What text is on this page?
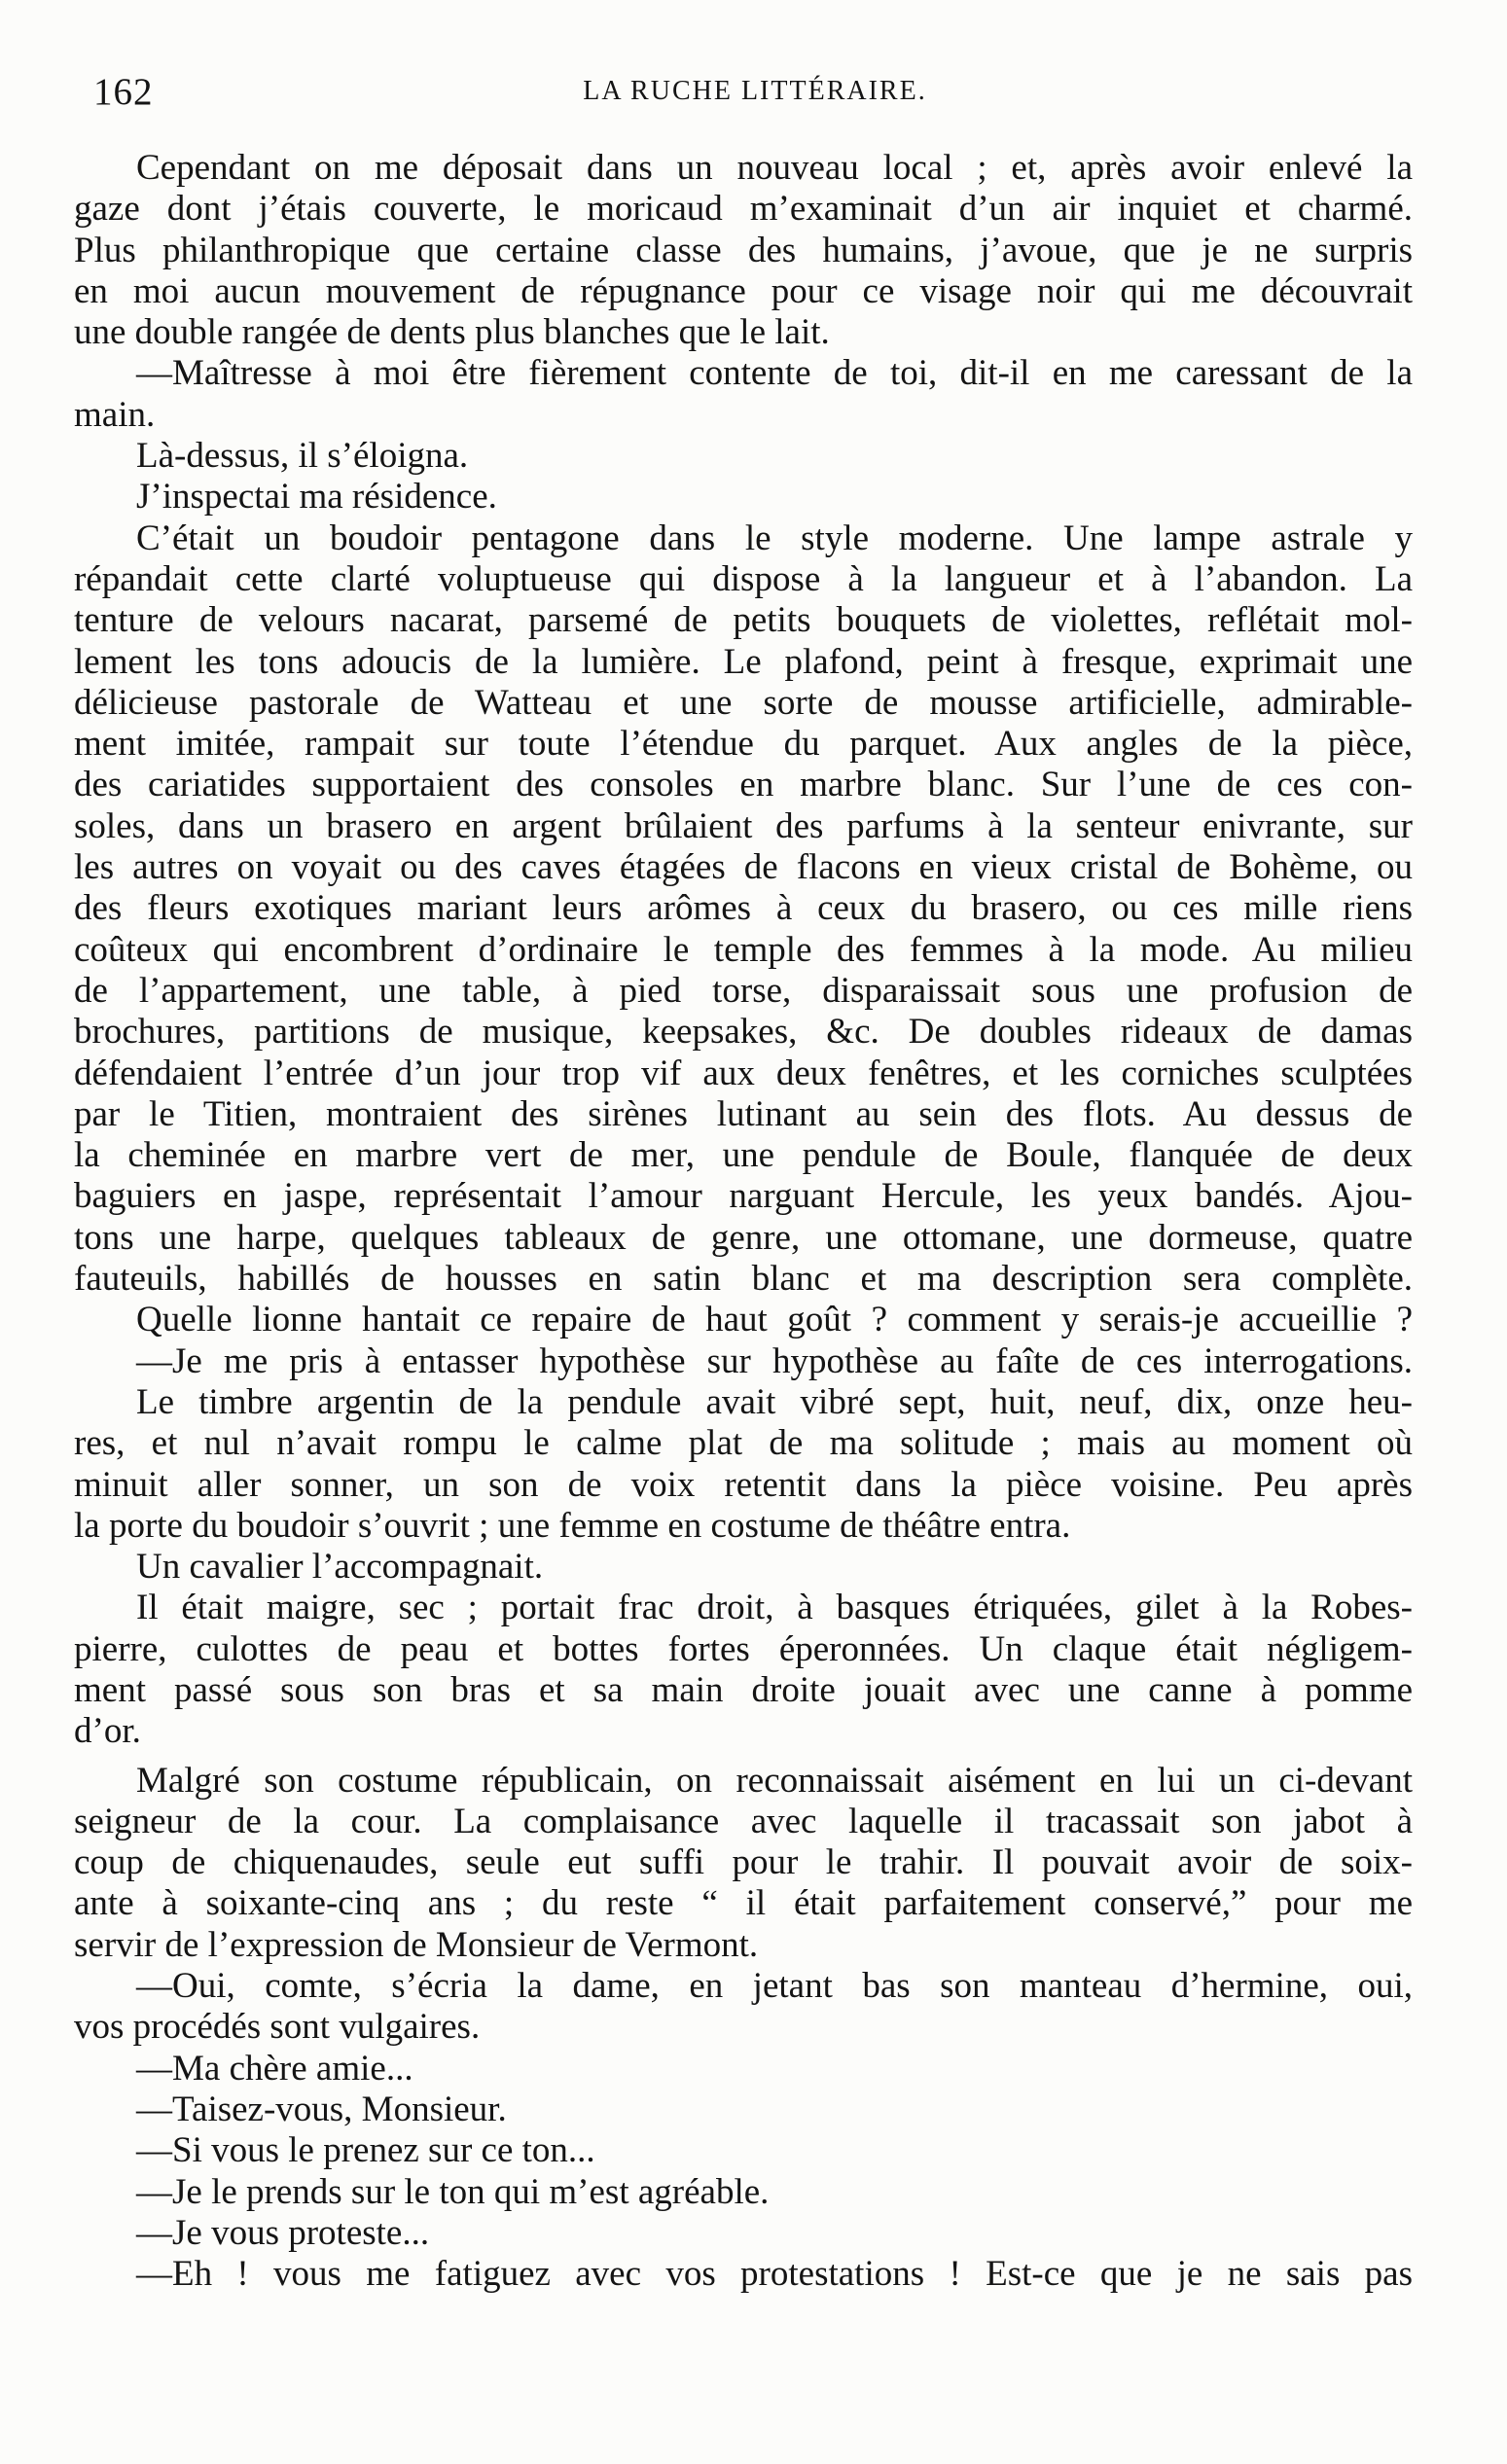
162	LA RUCHE LITTÉRAIRE.
Cependant on me déposait dans un nouveau local ; et, après avoir enlevé la
gaze dont j’étais couverte, le moricaud m’examinait d’un air inquiet et charmé.
Plus philanthropique que certaine classe des humains, j’avoue, que je ne surpris
en moi aucun mouvement de répugnance pour ce visage noir qui me découvrait
une double rangée de dents plus blanches que le lait.
—Maîtresse à moi être fièrement contente de toi, dit-il en me caressant de la
main.
Là-dessus, il s’éloigna.
J’inspectai ma résidence.
C’était un boudoir pentagone dans le style moderne. Une lampe astrale y
répandait cette clarté voluptueuse qui dispose à la langueur et à l’abandon. La
tenture de velours nacarat, parsemé de petits bouquets de violettes, reflétait mol-
lement les tons adoucis de la lumière. Le plafond, peint à fresque, exprimait une
délicieuse pastorale de Watteau et une sorte de mousse artificielle, admirable-
ment imitée, rampait sur toute l’étendue du parquet. Aux angles de la pièce,
des cariatides supportaient des consoles en marbre blanc. Sur l’une de ces con-
soles, dans un brasero en argent brûlaient des parfums à la senteur enivrante, sur
les autres on voyait ou des caves étagées de flacons en vieux cristal de Bohème, ou
des fleurs exotiques mariant leurs arômes à ceux du brasero, ou ces mille riens
coûteux qui encombrent d’ordinaire le temple des femmes à la mode. Au milieu
de l’appartement, une table, à pied torse, disparaissait sous une profusion de
brochures, partitions de musique, keepsakes, &c. De doubles rideaux de damas
défendaient l’entrée d’un jour trop vif aux deux fenêtres, et les corniches sculptées
par le Titien, montraient des sirènes lutinant au sein des flots. Au dessus de
la cheminée en marbre vert de mer, une pendule de Boule, flanquée de deux
baguiers en jaspe, représentait l’amour narguant Hercule, les yeux bandés. Ajou-
tons une harpe, quelques tableaux de genre, une ottomane, une dormeuse, quatre
fauteuils, habillés de housses en satin blanc et ma description sera complète.
Quelle lionne hantait ce repaire de haut goût ? comment y serais-je accueillie ?
—Je me pris à entasser hypothèse sur hypothèse au faîte de ces interrogations.
Le timbre argentin de la pendule avait vibré sept, huit, neuf, dix, onze heu-
res, et nul n’avait rompu le calme plat de ma solitude ; mais au moment où
minuit aller sonner, un son de voix retentit dans la pièce voisine. Peu après
la porte du boudoir s’ouvrit ; une femme en costume de théâtre entra.
Un cavalier l’accompagnait.
Il était maigre, sec ; portait frac droit, à basques étriquées, gilet à la Robes-
pierre, culottes de peau et bottes fortes éperonnées. Un claque était négligem-
ment passé sous son bras et sa main droite jouait avec une canne à pomme
d’or.
Malgré son costume républicain, on reconnaissait aisément en lui un ci-devant
seigneur de la cour. La complaisance avec laquelle il tracassait son jabot à
coup de chiquenaudes, seule eut suffi pour le trahir. Il pouvait avoir de soix-
ante à soixante-cinq ans ; du reste “ il était parfaitement conservé,” pour me
servir de l’expression de Monsieur de Vermont.
—Oui, comte, s’écria la dame, en jetant bas son manteau d’hermine, oui,
vos procédés sont vulgaires.
—Ma chère amie...
—Taisez-vous, Monsieur.
—Si vous le prenez sur ce ton...
—Je le prends sur le ton qui m’est agréable.
—Je vous proteste...
—Eh ! vous me fatiguez avec vos protestations ! Est-ce que je ne sais pas
